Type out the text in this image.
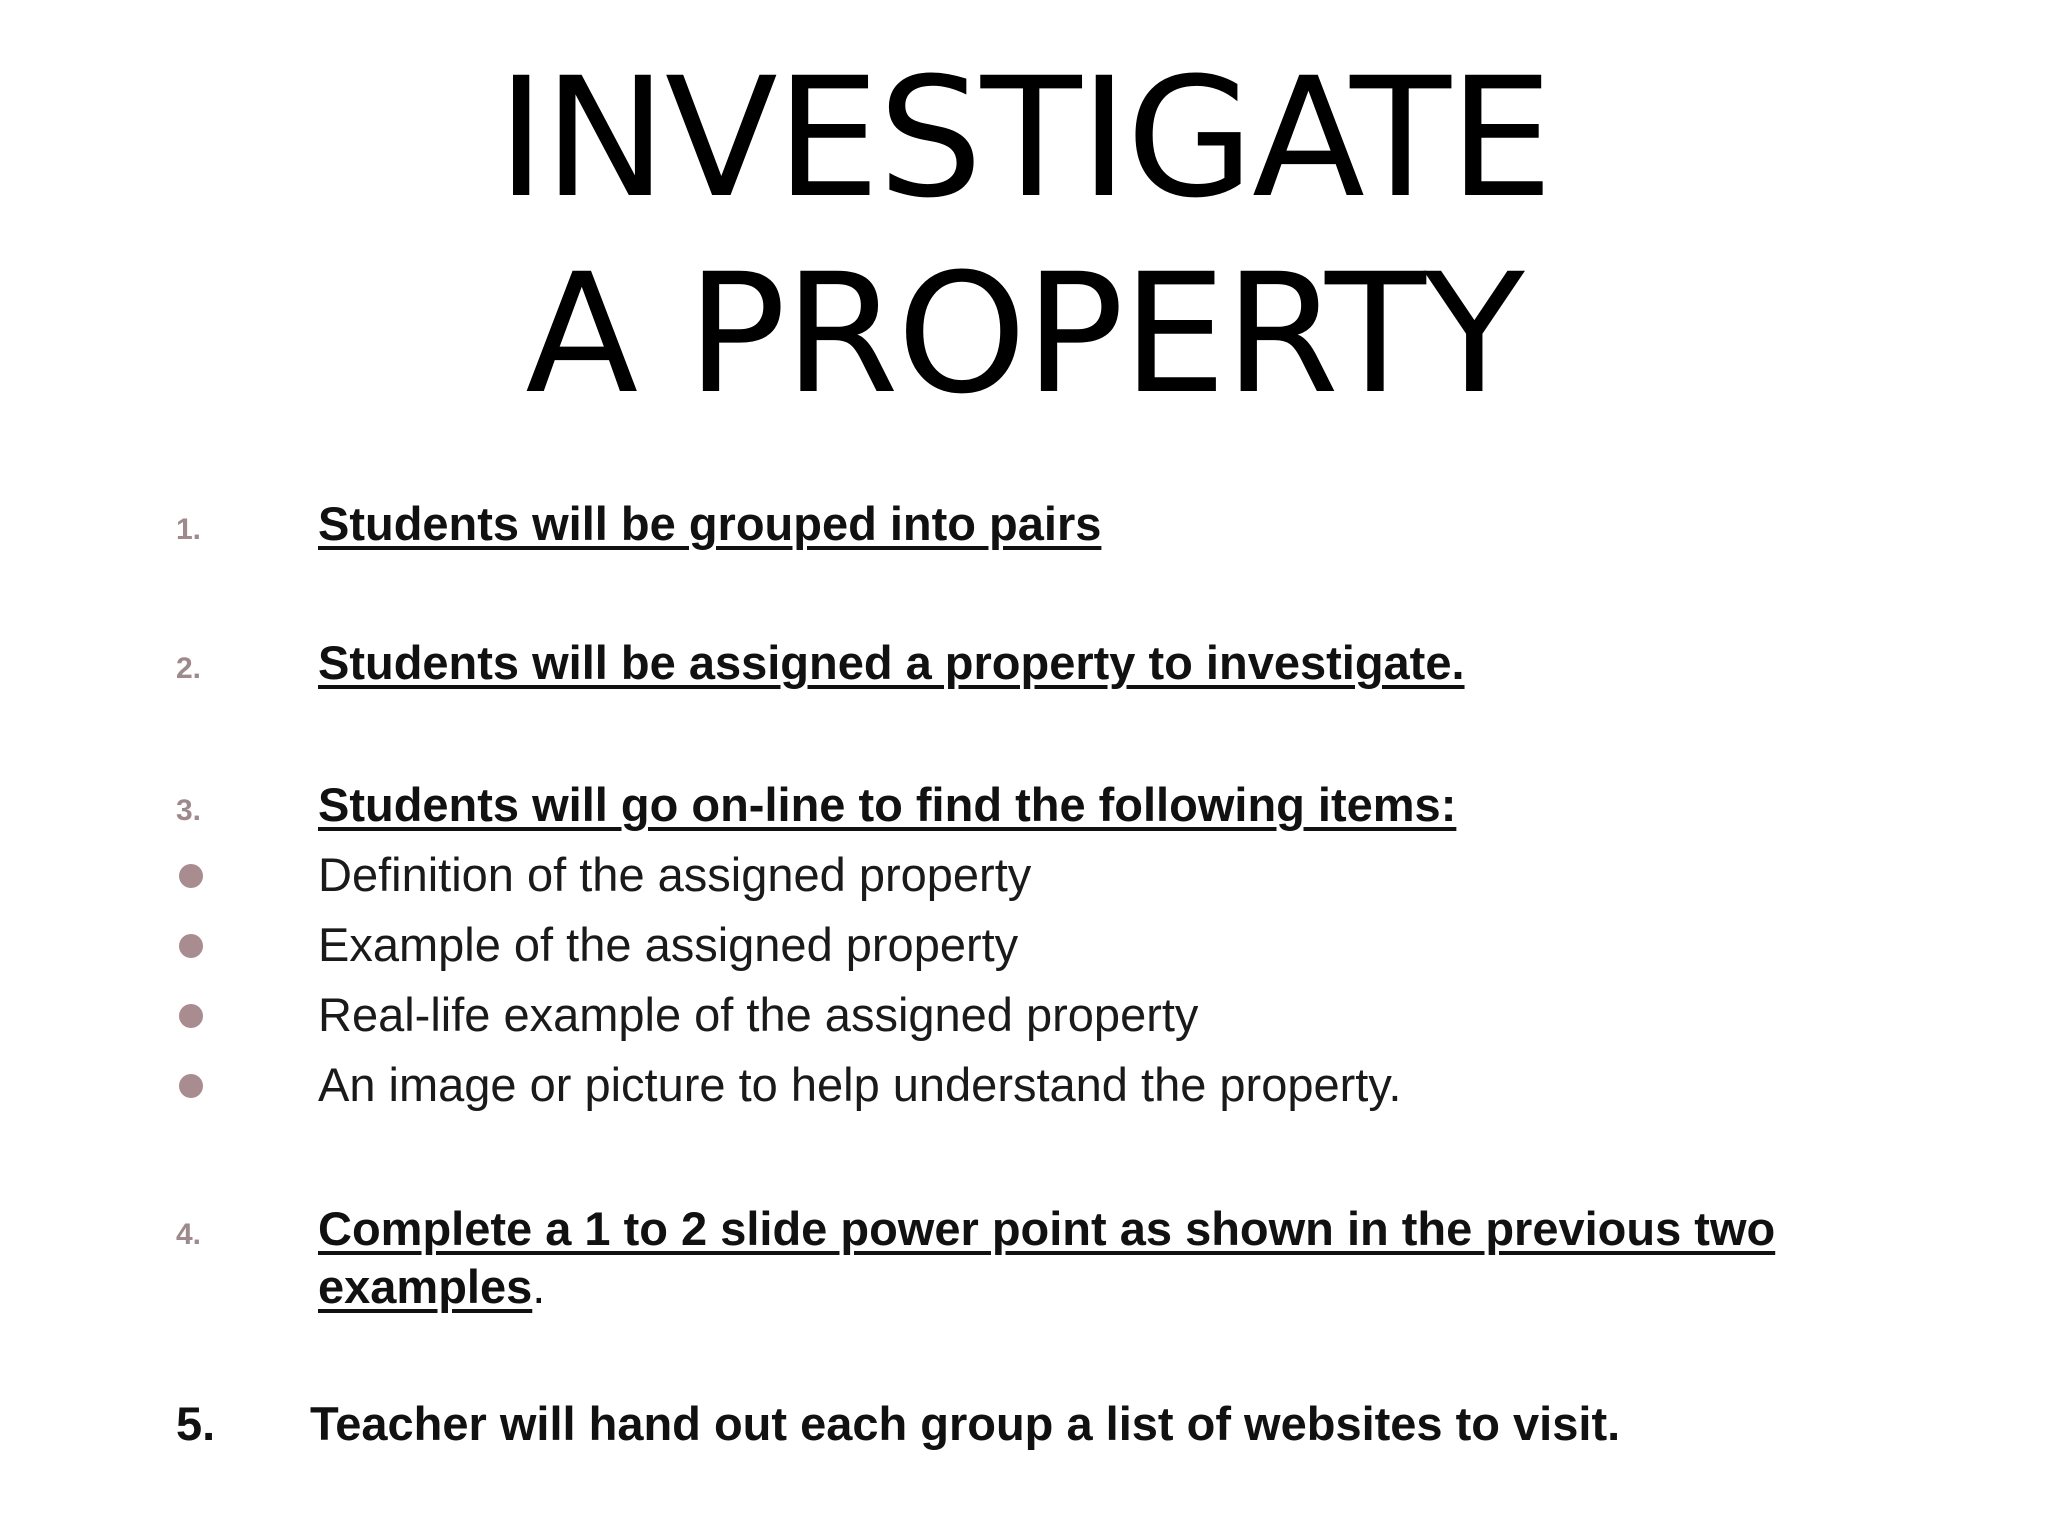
INVESTIGATE
A PROPERTY
1. Students will be grouped into pairs
2. Students will be assigned a property to investigate.
3. Students will go on-line to find the following items:
Definition of the assigned property
Example of the assigned property
Real-life example of the assigned property
An image or picture to help understand the property.
4. Complete a 1 to 2 slide power point as shown in the previous two
examples.
5. Teacher will hand out each group a list of websites to visit.
